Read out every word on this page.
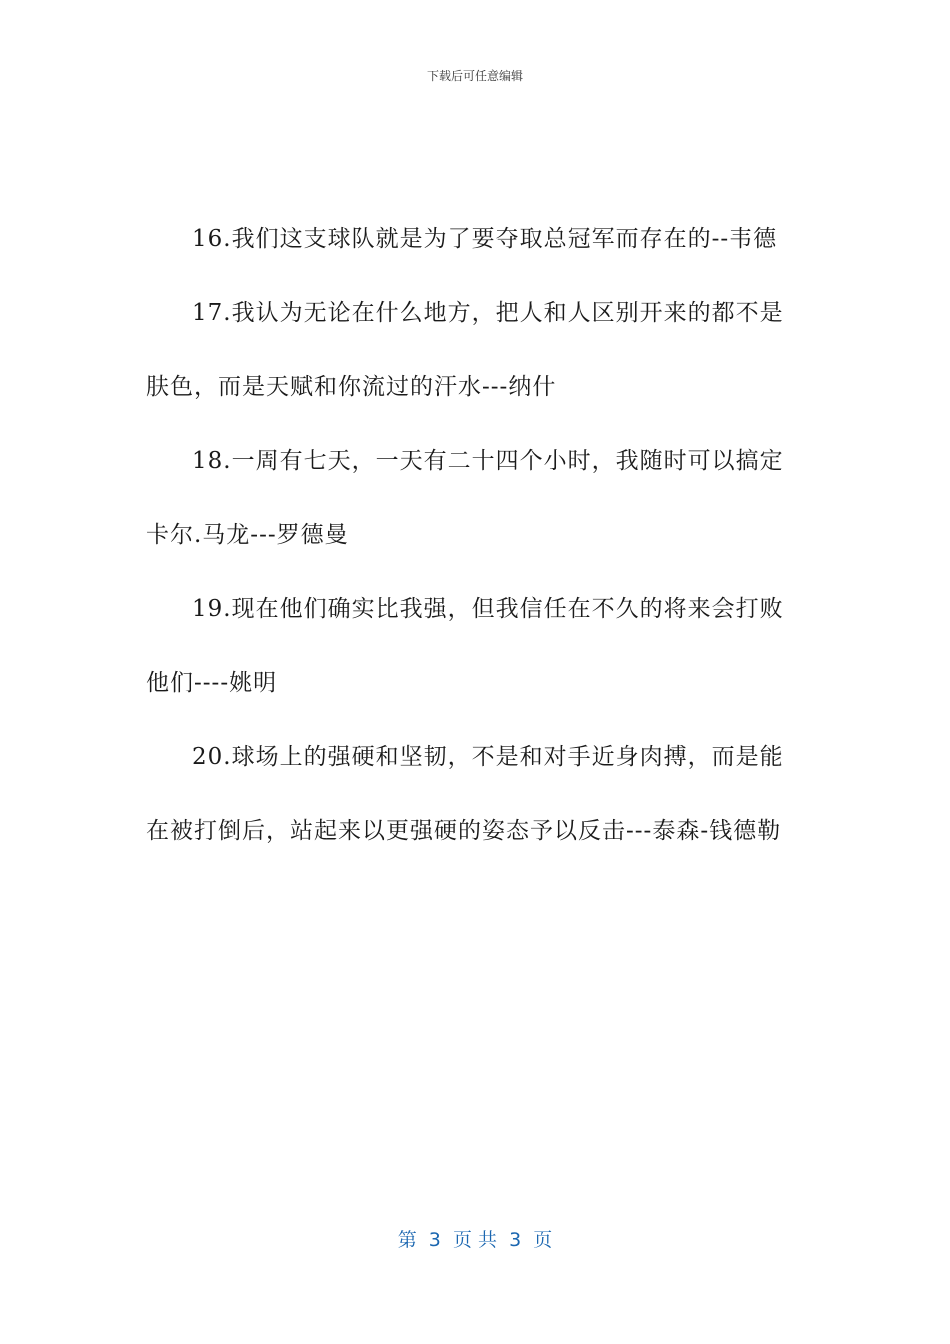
下载后可任意编辑

16.我们这支球队就是为了要夺取总冠军而存在的--韦德

17.我认为无论在什么地方，把人和人区别开来的都不是肤色，而是天赋和你流过的汗水---纳什

18.一周有七天，一天有二十四个小时，我随时可以搞定卡尔.马龙---罗德曼

19.现在他们确实比我强，但我信任在不久的将来会打败他们----姚明

20.球场上的强硬和坚韧，不是和对手近身肉搏，而是能在被打倒后，站起来以更强硬的姿态予以反击---泰森-钱德勒

第  3  页 共  3  页
